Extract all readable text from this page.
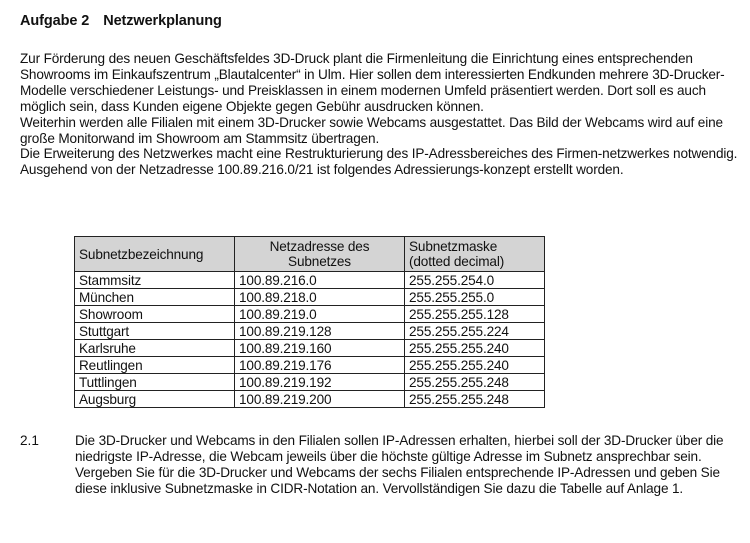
Aufgabe 2 Netzwerkplanung

Zur Förderung des neuen Geschäftsfeldes 3D-Druck plant die Firmenleitung die Einrichtung eines entsprechenden Showrooms im Einkaufszentrum „Blautalcenter“ in Ulm. Hier sollen dem interessierten Endkunden mehrere 3D-Drucker-Modelle verschiedener Leistungs- und Preisklassen in einem modernen Umfeld präsentiert werden. Dort soll es auch möglich sein, dass Kunden eigene Objekte gegen Gebühr ausdrucken können.

Weiterhin werden alle Filialen mit einem 3D-Drucker sowie Webcams ausgestattet. Das Bild der Webcams wird auf eine große Monitorwand im Showroom am Stammsitz übertragen.

Die Erweiterung des Netzwerkes macht eine Restrukturierung des IP-Adressbereiches des Firmen-netzwerkes notwendig. Ausgehend von der Netzadresse 100.89.216.0/21 ist folgendes Adressierungs-konzept erstellt worden.

Subnetzbezeichnung	Netzadresse des Subnetzes	Subnetzmaske (dotted decimal)
Stammsitz	100.89.216.0	255.255.254.0
München	100.89.218.0	255.255.255.0
Showroom	100.89.219.0	255.255.255.128
Stuttgart	100.89.219.128	255.255.255.224
Karlsruhe	100.89.219.160	255.255.255.240
Reutlingen	100.89.219.176	255.255.255.240
Tuttlingen	100.89.219.192	255.255.255.248
Augsburg	100.89.219.200	255.255.255.248
2.1	Die 3D-Drucker und Webcams in den Filialen sollen IP-Adressen erhalten, hierbei soll der 3D-Drucker über die niedrigste IP-Adresse, die Webcam jeweils über die höchste gültige Adresse im Subnetz ansprechbar sein.

Vergeben Sie für die 3D-Drucker und Webcams der sechs Filialen entsprechende IP-Adressen und geben Sie diese inklusive Subnetzmaske in CIDR-Notation an. Vervollständigen Sie dazu die Tabelle auf Anlage 1.
